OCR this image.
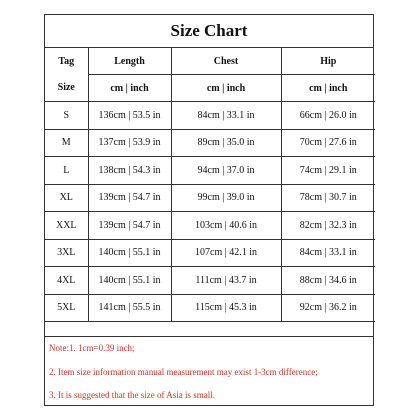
Size Chart
Tag
Size	Length	Chest	Hip
	cm | inch	cm | inch	cm | inch
S	136cm | 53.5 in	84cm | 33.1 in	66cm | 26.0 in
M	137cm | 53.9 in	89cm | 35.0 in	70cm | 27.6 in
L	138cm | 54.3 in	94cm | 37.0 in	74cm | 29.1 in
XL	139cm | 54.7 in	99cm | 39.0 in	78cm | 30.7 in
XXL	139cm | 54.7 in	103cm | 40.6 in	82cm | 32.3 in
3XL	140cm | 55.1 in	107cm | 42.1 in	84cm | 33.1 in
4XL	140cm | 55.1 in	111cm | 43.7 in	88cm | 34.6 in
5XL	141cm | 55.5 in	115cm | 45.3 in	92cm | 36.2 in
Note:1. 1cm=0.39 inch;
2. Item size information manual measurement may exist 1-3cm difference;
3. It is suggested that the size of Asia is small.
